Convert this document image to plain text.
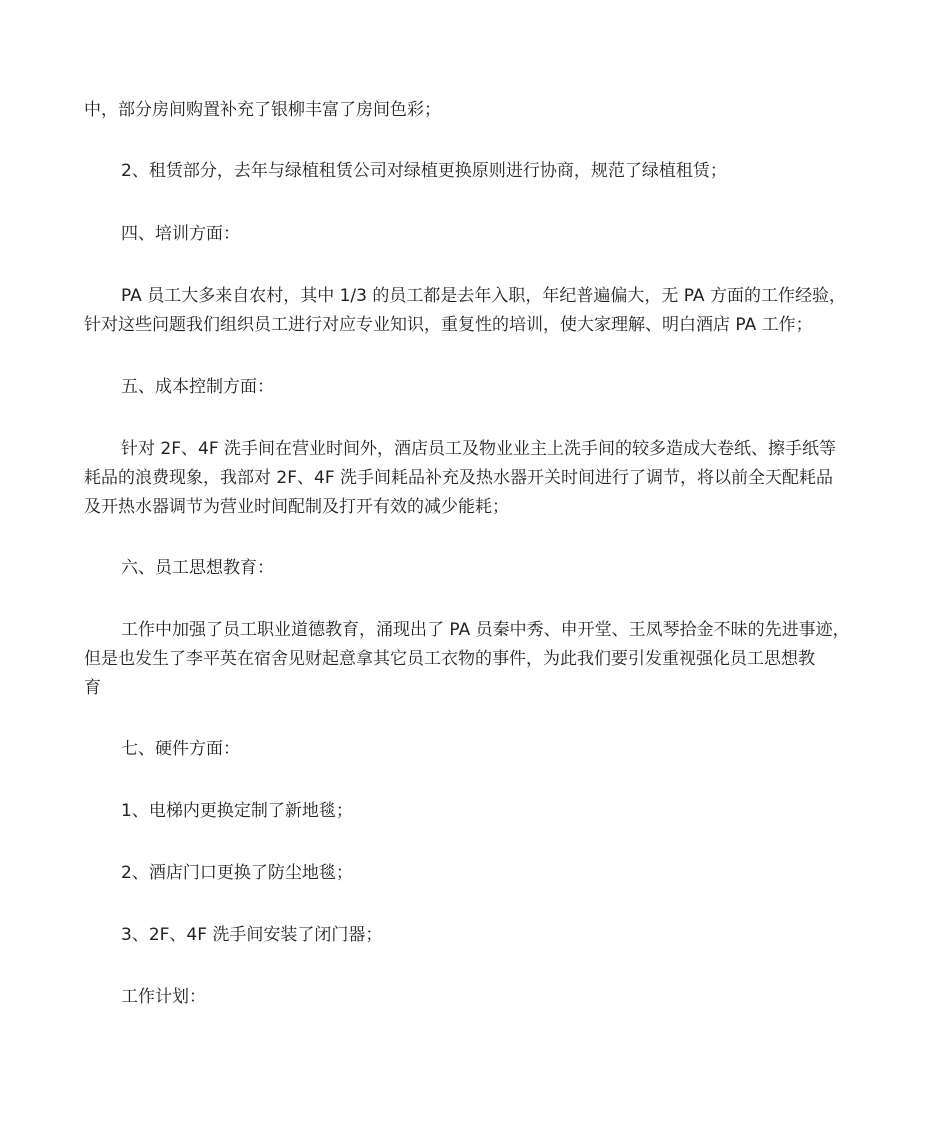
中，部分房间购置补充了银柳丰富了房间色彩；
2、租赁部分，去年与绿植租赁公司对绿植更换原则进行协商，规范了绿植租赁；
四、培训方面：
PA 员工大多来自农村，其中 1/3 的员工都是去年入职，年纪普遍偏大，无 PA 方面的工作经验，
针对这些问题我们组织员工进行对应专业知识，重复性的培训，使大家理解、明白酒店 PA 工作；
五、成本控制方面：
针对 2F、4F 洗手间在营业时间外，酒店员工及物业业主上洗手间的较多造成大卷纸、擦手纸等
耗品的浪费现象，我部对 2F、4F 洗手间耗品补充及热水器开关时间进行了调节，将以前全天配耗品
及开热水器调节为营业时间配制及打开有效的减少能耗；
六、员工思想教育：
工作中加强了员工职业道德教育，涌现出了 PA 员秦中秀、申开堂、王凤琴拾金不昧的先进事迹，
但是也发生了李平英在宿舍见财起意拿其它员工衣物的事件，为此我们要引发重视强化员工思想教
育
七、硬件方面：
1、电梯内更换定制了新地毯；
2、酒店门口更换了防尘地毯；
3、2F、4F 洗手间安装了闭门器；
工作计划：
